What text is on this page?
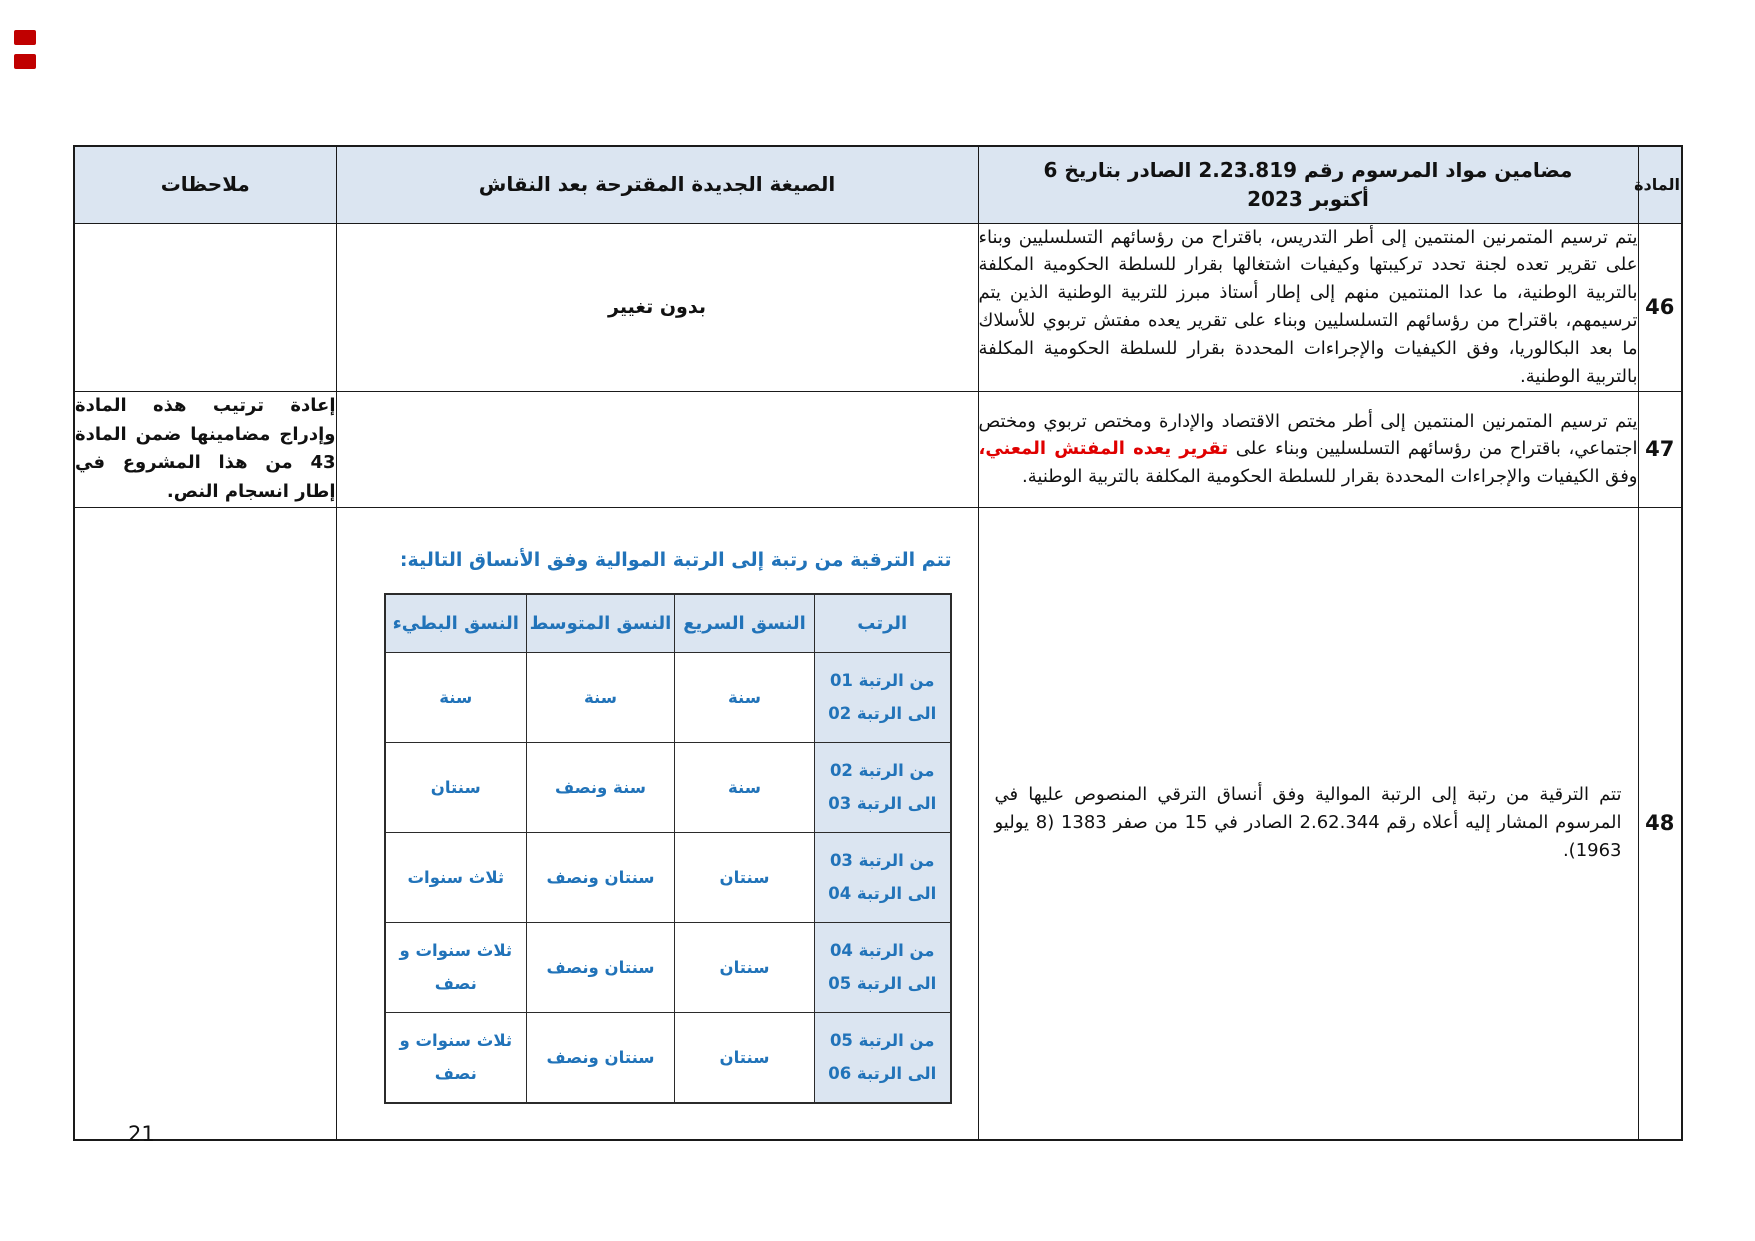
المادة	مضامين مواد المرسوم رقم 2.23.819 الصادر بتاريخ 6 أكتوبر 2023	الصيغة الجديدة المقترحة بعد النقاش	ملاحظات
46	يتم ترسيم المتمرنين المنتمين إلى أطر التدريس، باقتراح من رؤسائهم التسلسليين وبناء على تقرير تعده لجنة تحدد تركيبتها وكيفيات اشتغالها بقرار للسلطة الحكومية المكلفة بالتربية الوطنية، ما عدا المنتمين منهم إلى إطار أستاذ مبرز للتربية الوطنية الذين يتم ترسيمهم، باقتراح من رؤسائهم التسلسليين وبناء على تقرير يعده مفتش تربوي للأسلاك ما بعد البكالوريا، وفق الكيفيات والإجراءات المحددة بقرار للسلطة الحكومية المكلفة بالتربية الوطنية.	بدون تغيير	
47	يتم ترسيم المتمرنين المنتمين إلى أطر مختص الاقتصاد والإدارة ومختص تربوي ومختص اجتماعي، باقتراح من رؤسائهم التسلسليين وبناء على تقرير يعده المفتش المعني، وفق الكيفيات والإجراءات المحددة بقرار للسلطة الحكومية المكلفة بالتربية الوطنية.		إعادة ترتيب هذه المادة وإدراج مضامينها ضمن المادة 43 من هذا المشروع في إطار انسجام النص.
48	تتم الترقية من رتبة إلى الرتبة الموالية وفق أنساق الترقي المنصوص عليها في المرسوم المشار إليه أعلاه رقم 2.62.344 الصادر في 15 من صفر 1383 (8 يوليو 1963).	
تتم الترقية من رتبة إلى الرتبة الموالية وفق الأنساق التالية:
الرتب	النسق السريع	النسق المتوسط	النسق البطيء
من الرتبة 01 الى الرتبة 02	سنة	سنة	سنة
من الرتبة 02 الى الرتبة 03	سنة	سنة ونصف	سنتان
من الرتبة 03 الى الرتبة 04	سنتان	سنتان ونصف	ثلاث سنوات
من الرتبة 04 الى الرتبة 05	سنتان	سنتان ونصف	ثلاث سنوات و نصف
من الرتبة 05 الى الرتبة 06	سنتان	سنتان ونصف	ثلاث سنوات و نصف

21
